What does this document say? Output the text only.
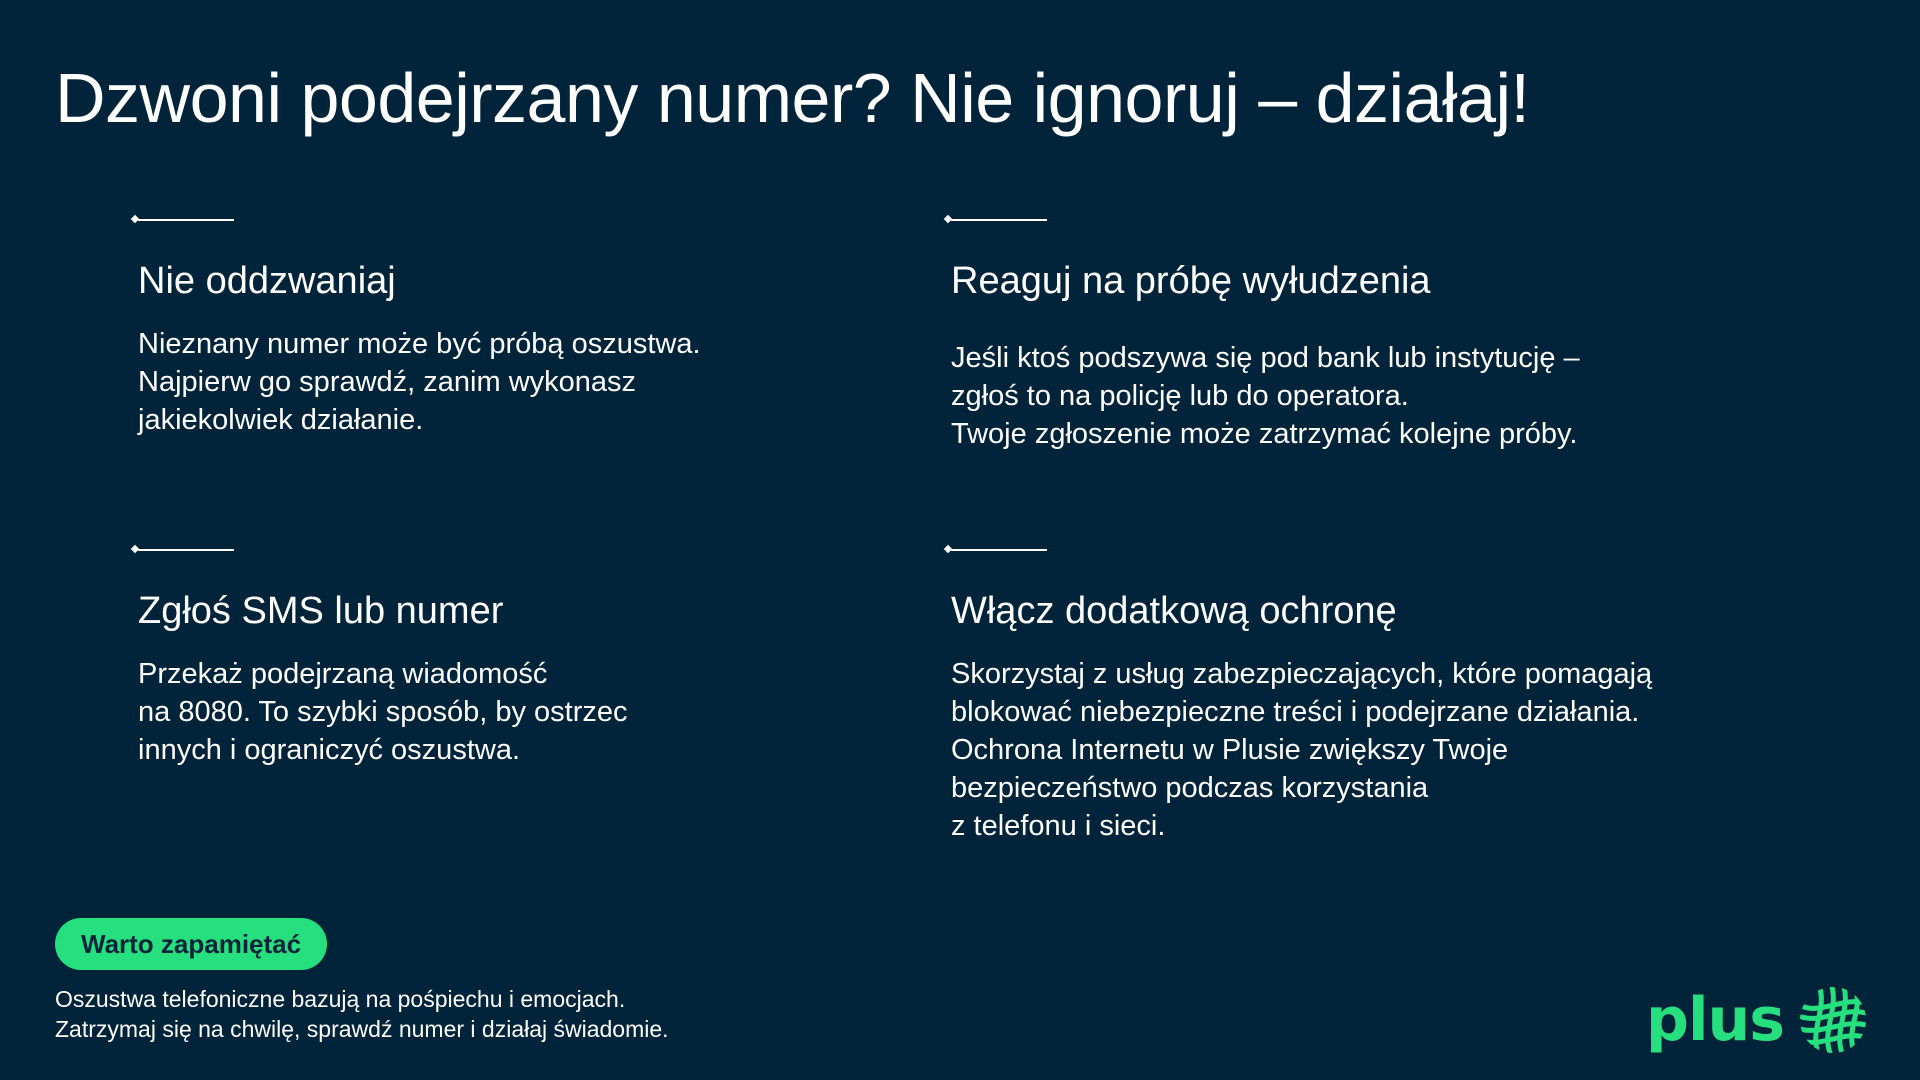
Dzwoni podejrzany numer? Nie ignoruj – działaj!
Nie oddzwaniaj
Nieznany numer może być próbą oszustwa.
Najpierw go sprawdź, zanim wykonasz
jakiekolwiek działanie.
Reaguj na próbę wyłudzenia
Jeśli ktoś podszywa się pod bank lub instytucję –
zgłoś to na policję lub do operatora.
Twoje zgłoszenie może zatrzymać kolejne próby.
Zgłoś SMS lub numer
Przekaż podejrzaną wiadomość
na 8080. To szybki sposób, by ostrzec
innych i ograniczyć oszustwa.
Włącz dodatkową ochronę
Skorzystaj z usług zabezpieczających, które pomagają
blokować niebezpieczne treści i podejrzane działania.
Ochrona Internetu w Plusie zwiększy Twoje
bezpieczeństwo podczas korzystania
z telefonu i sieci.
Warto zapamiętać
Oszustwa telefoniczne bazują na pośpiechu i emocjach.
Zatrzymaj się na chwilę, sprawdź numer i działaj świadomie.	plus
